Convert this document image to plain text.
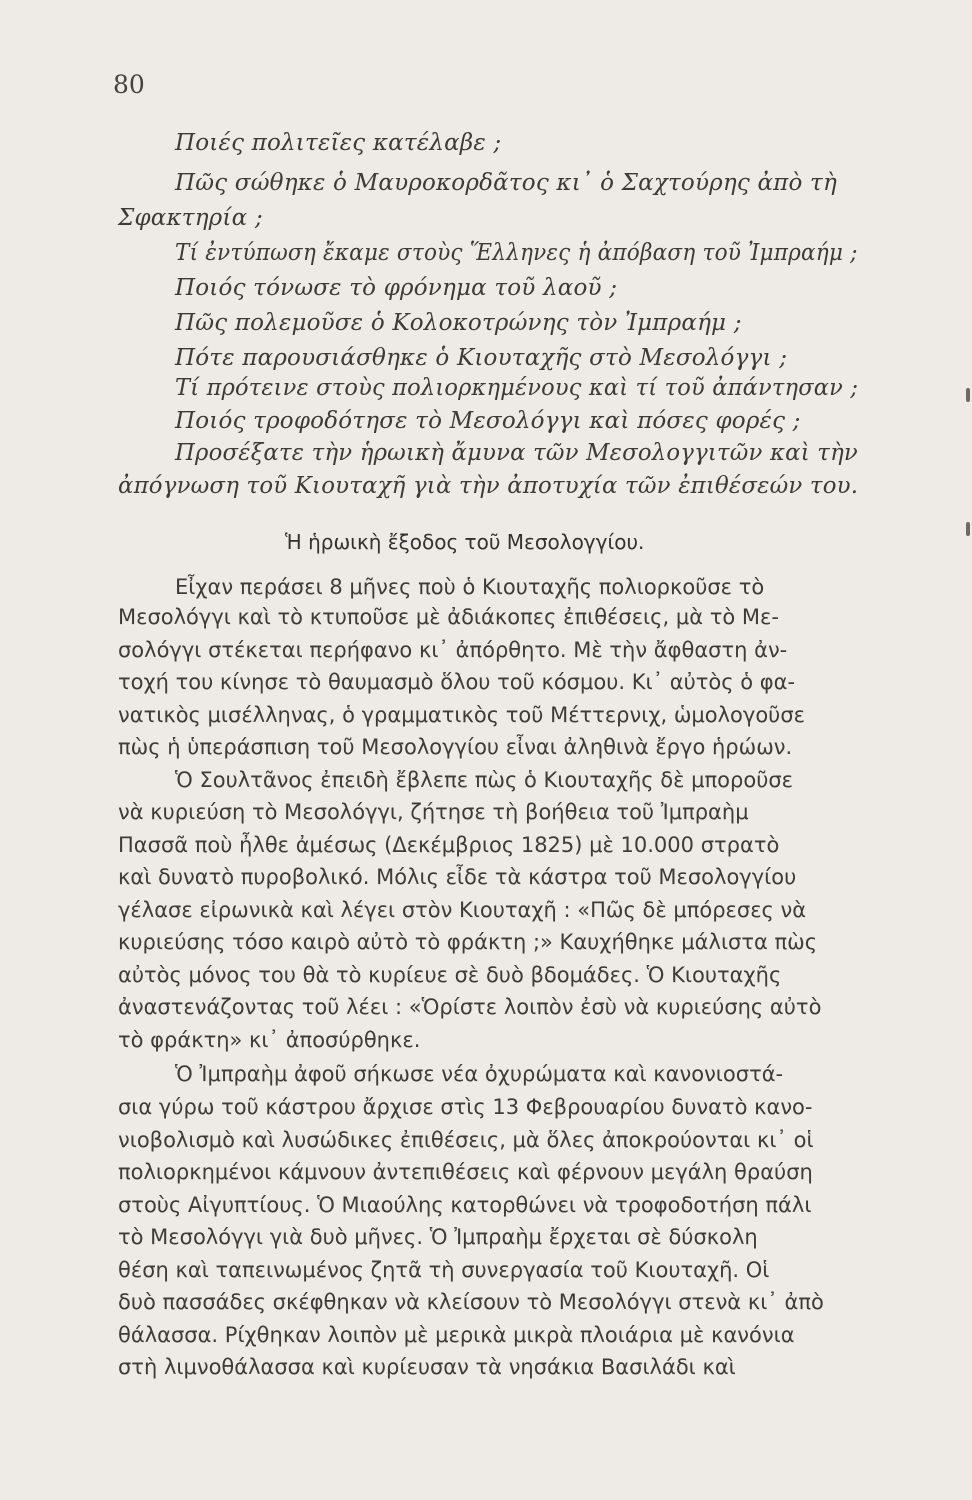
80
Ποιές πολιτεῖες κατέλαβε ;
Πῶς σώθηκε ὁ Μαυροκορδᾶτος κι᾿ ὁ Σαχτούρης ἀπὸ τὴ
Σφακτηρία ;
Τί ἐντύπωση ἔκαμε στοὺς Ἕλληνες ἡ ἀπόβαση τοῦ Ἰμπραήμ ;
Ποιός τόνωσε τὸ φρόνημα τοῦ λαοῦ ;
Πῶς πολεμοῦσε ὁ Κολοκοτρώνης τὸν Ἰμπραήμ ;
Πότε παρουσιάσθηκε ὁ Κιουταχῆς στὸ Μεσολόγγι ;
Τί πρότεινε στοὺς πολιορκημένους καὶ τί τοῦ ἀπάντησαν ;
Ποιός τροφοδότησε τὸ Μεσολόγγι καὶ πόσες φορές ;
Προσέξατε τὴν ἡρωικὴ ἄμυνα τῶν Μεσολογγιτῶν καὶ τὴν
ἀπόγνωση τοῦ Κιουταχῆ γιὰ τὴν ἀποτυχία τῶν ἐπιθέσεών του.
Ἡ ἡρωικὴ ἔξοδος τοῦ Μεσολογγίου.
Εἶχαν περάσει 8 μῆνες ποὺ ὁ Κιουταχῆς πολιορκοῦσε τὸ
Μεσολόγγι καὶ τὸ κτυποῦσε μὲ ἀδιάκοπες ἐπιθέσεις, μὰ τὸ Με-
σολόγγι στέκεται περήφανο κι᾿ ἀπόρθητο. Μὲ τὴν ἄφθαστη ἀν-
τοχή του κίνησε τὸ θαυμασμὸ ὅλου τοῦ κόσμου. Κι᾿ αὐτὸς ὁ φα-
νατικὸς μισέλληνας, ὁ γραμματικὸς τοῦ Μέττερνιχ, ὡμολογοῦσε
πὼς ἡ ὑπεράσπιση τοῦ Μεσολογγίου εἶναι ἀληθινὰ ἔργο ἡρώων.
Ὁ Σουλτᾶνος ἐπειδὴ ἔβλεπε πὼς ὁ Κιουταχῆς δὲ μποροῦσε
νὰ κυριεύση τὸ Μεσολόγγι, ζήτησε τὴ βοήθεια τοῦ Ἰμπραὴμ
Πασσᾶ ποὺ ἦλθε ἀμέσως (Δεκέμβριος 1825) μὲ 10.000 στρατὸ
καὶ δυνατὸ πυροβολικό. Μόλις εἶδε τὰ κάστρα τοῦ Μεσολογγίου
γέλασε εἰρωνικὰ καὶ λέγει στὸν Κιουταχῆ : «Πῶς δὲ μπόρεσες νὰ
κυριεύσης τόσο καιρὸ αὐτὸ τὸ φράκτη ;» Καυχήθηκε μάλιστα πὼς
αὐτὸς μόνος του θὰ τὸ κυρίευε σὲ δυὸ βδομάδες. Ὁ Κιουταχῆς
ἀναστενάζοντας τοῦ λέει : «Ὁρίστε λοιπὸν ἐσὺ νὰ κυριεύσης αὐτὸ
τὸ φράκτη» κι᾿ ἀποσύρθηκε.
Ὁ Ἰμπραὴμ ἀφοῦ σήκωσε νέα ὀχυρώματα καὶ κανονιοστά-
σια γύρω τοῦ κάστρου ἄρχισε στὶς 13 Φεβρουαρίου δυνατὸ κανο-
νιοβολισμὸ καὶ λυσώδικες ἐπιθέσεις, μὰ ὅλες ἀποκρούονται κι᾿ οἱ
πολιορκημένοι κάμνουν ἀντεπιθέσεις καὶ φέρνουν μεγάλη θραύση
στοὺς Αἰγυπτίους. Ὁ Μιαούλης κατορθώνει νὰ τροφοδοτήση πάλι
τὸ Μεσολόγγι γιὰ δυὸ μῆνες. Ὁ Ἰμπραὴμ ἔρχεται σὲ δύσκολη
θέση καὶ ταπεινωμένος ζητᾶ τὴ συνεργασία τοῦ Κιουταχῆ. Οἱ
δυὸ πασσάδες σκέφθηκαν νὰ κλείσουν τὸ Μεσολόγγι στενὰ κι᾿ ἀπὸ
θάλασσα. Ρίχθηκαν λοιπὸν μὲ μερικὰ μικρὰ πλοιάρια μὲ κανόνια
στὴ λιμνοθάλασσα καὶ κυρίευσαν τὰ νησάκια Βασιλάδι καὶ
